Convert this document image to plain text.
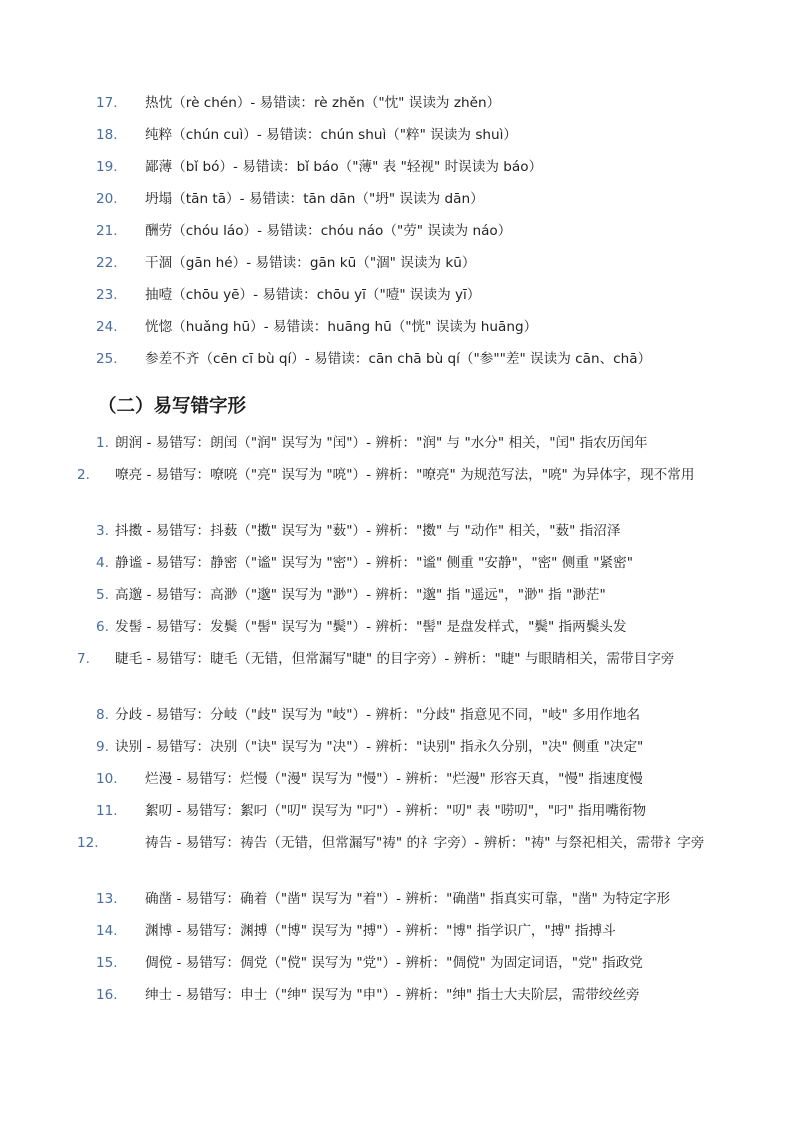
17. 热忱（rè chén）- 易错读：rè zhěn（"忱" 误读为 zhěn）
18. 纯粹（chún cuì）- 易错读：chún shuì（"粹" 误读为 shuì）
19. 鄙薄（bǐ bó）- 易错读：bǐ báo（"薄" 表 "轻视" 时误读为 báo）
20. 坍塌（tān tā）- 易错读：tān dān（"坍" 误读为 dān）
21. 酬劳（chóu láo）- 易错读：chóu náo（"劳" 误读为 náo）
22. 干涸（gān hé）- 易错读：gān kū（"涸" 误读为 kū）
23. 抽噎（chōu yē）- 易错读：chōu yī（"噎" 误读为 yī）
24. 恍惚（huǎng hū）- 易错读：huāng hū（"恍" 误读为 huāng）
25. 参差不齐（cēn cī bù qí）- 易错读：cān chā bù qí（"参""差" 误读为 cān、chā）
（二）易写错字形
1. 朗润 - 易错写：朗闰（"润" 误写为 "闰"）- 辨析："润" 与 "水分" 相关，"闰" 指农历闰年
2. 嘹亮 - 易错写：嘹喨（"亮" 误写为 "喨"）- 辨析："嘹亮" 为规范写法，"喨" 为异体字，现不常用
3. 抖擞 - 易错写：抖薮（"擞" 误写为 "薮"）- 辨析："擞" 与 "动作" 相关，"薮" 指沼泽
4. 静谧 - 易错写：静密（"谧" 误写为 "密"）- 辨析："谧" 侧重 "安静"，"密" 侧重 "紧密"
5. 高邈 - 易错写：高渺（"邈" 误写为 "渺"）- 辨析："邈" 指 "遥远"，"渺" 指 "渺茫"
6. 发髻 - 易错写：发鬓（"髻" 误写为 "鬓"）- 辨析："髻" 是盘发样式，"鬓" 指两鬓头发
7. 睫毛 - 易错写：睫毛（无错，但常漏写"睫" 的目字旁）- 辨析："睫" 与眼睛相关，需带目字旁
8. 分歧 - 易错写：分岐（"歧" 误写为 "岐"）- 辨析："分歧" 指意见不同，"岐" 多用作地名
9. 诀别 - 易错写：决别（"诀" 误写为 "决"）- 辨析："诀别" 指永久分别，"决" 侧重 "决定"
10. 烂漫 - 易错写：烂慢（"漫" 误写为 "慢"）- 辨析："烂漫" 形容天真，"慢" 指速度慢
11. 絮叨 - 易错写：絮叼（"叨" 误写为 "叼"）- 辨析："叨" 表 "唠叨"，"叼" 指用嘴衔物
12.	祷告 - 易错写：祷告（无错，但常漏写"祷" 的礻字旁）- 辨析："祷" 与祭祀相关，需带礻字旁
13. 确凿 - 易错写：确着（"凿" 误写为 "着"）- 辨析："确凿" 指真实可靠，"凿" 为特定字形
14. 渊博 - 易错写：渊搏（"博" 误写为 "搏"）- 辨析："博" 指学识广，"搏" 指搏斗
15. 倜傥 - 易错写：倜党（"傥" 误写为 "党"）- 辨析："倜傥" 为固定词语，"党" 指政党
16. 绅士 - 易错写：申士（"绅" 误写为 "申"）- 辨析："绅" 指士大夫阶层，需带绞丝旁
